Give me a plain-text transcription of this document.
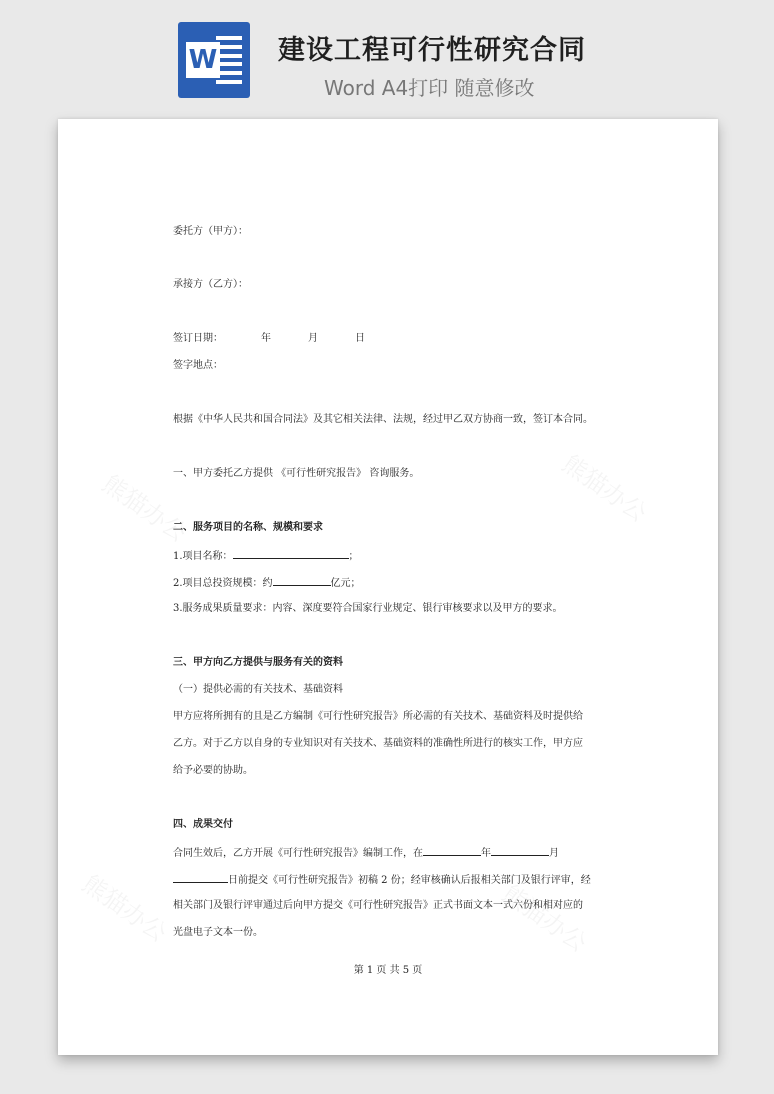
W 建设工程可行性研究合同
Word A4打印 随意修改
委托方（甲方）：
承接方（乙方）：
签订日期：	年	月	日
签字地点：
根据《中华人民共和国合同法》及其它相关法律、法规，经过甲乙双方协商一致，签订本合同。
一、甲方委托乙方提供 《可行性研究报告》 咨询服务。
二、服务项目的名称、规模和要求
1.项目名称：	；
2.项目总投资规模：约	亿元；
3.服务成果质量要求：内容、深度要符合国家行业规定、银行审核要求以及甲方的要求。
三、甲方向乙方提供与服务有关的资料
（一）提供必需的有关技术、基础资料
甲方应将所拥有的且是乙方编制《可行性研究报告》所必需的有关技术、基础资料及时提供给
乙方。对于乙方以自身的专业知识对有关技术、基础资料的准确性所进行的核实工作，甲方应
给予必要的协助。
四、成果交付
合同生效后，乙方开展《可行性研究报告》编制工作，在	年	月
日前提交《可行性研究报告》初稿 2 份；经审核确认后报相关部门及银行评审，经
相关部门及银行评审通过后向甲方提交《可行性研究报告》正式书面文本一式六份和相对应的
光盘电子文本一份。
第 1 页 共 5 页
